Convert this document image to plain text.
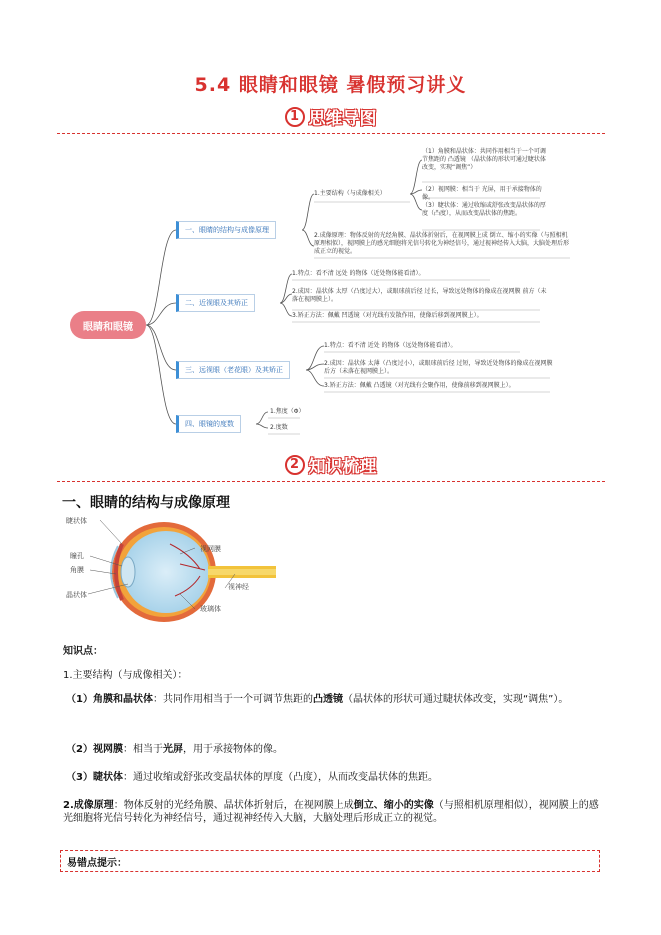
5.4 眼睛和眼镜 暑假预习讲义
1 思维导图
眼睛和眼镜
一、眼睛的结构与成像原理
二、近视眼及其矫正
三、远视眼（老花眼）及其矫正
四、眼镜的度数
1.主要结构（与成像相关）
（1）角膜和晶状体：共同作用相当于一个可调节焦距的 凸透镜 （晶状体的形状可通过睫状体改变，实现“调焦”）
（2）视网膜：相当于 光屏，用于承接物体的像。
（3）睫状体：通过收缩或舒张改变晶状体的厚度（凸度），从而改变晶状体的焦距。
2.成像原理：物体反射的光经角膜、晶状体折射后，在视网膜上成 倒立、缩小的实像（与照相机原理相似），视网膜上的感光细胞将光信号转化为神经信号，通过视神经传入大脑，大脑处理后形成正立的视觉。
1.特点：看不清 远处 的物体（近处物体能看清）。
2.成因：晶状体 太厚（凸度过大），或眼球前后径 过长，导致远处物体的像成在视网膜 前方（未落在视网膜上）。
3.矫正方法：佩戴 凹透镜（对光线有发散作用，使像后移到视网膜上）。
1.特点：看不清 近处 的物体（远处物体能看清）。
2.成因：晶状体 太薄（凸度过小），或眼球前后径 过短，导致近处物体的像成在视网膜 后方（未落在视网膜上）。
3.矫正方法：佩戴 凸透镜（对光线有会聚作用，使像前移到视网膜上）。
1.焦度（Φ）
2.度数
2 知识梳理
一、眼睛的结构与成像原理
睫状体
视网膜
瞳孔
角膜
视神经
晶状体
玻璃体
知识点：
1.主要结构（与成像相关）：
（1）角膜和晶状体：共同作用相当于一个可调节焦距的凸透镜（晶状体的形状可通过睫状体改变，实现“调焦”）。
（2）视网膜：相当于光屏，用于承接物体的像。
（3）睫状体：通过收缩或舒张改变晶状体的厚度（凸度），从而改变晶状体的焦距。
2.成像原理：物体反射的光经角膜、晶状体折射后，在视网膜上成倒立、缩小的实像（与照相机原理相似），视网膜上的感光细胞将光信号转化为神经信号，通过视神经传入大脑，大脑处理后形成正立的视觉。
易错点提示：
